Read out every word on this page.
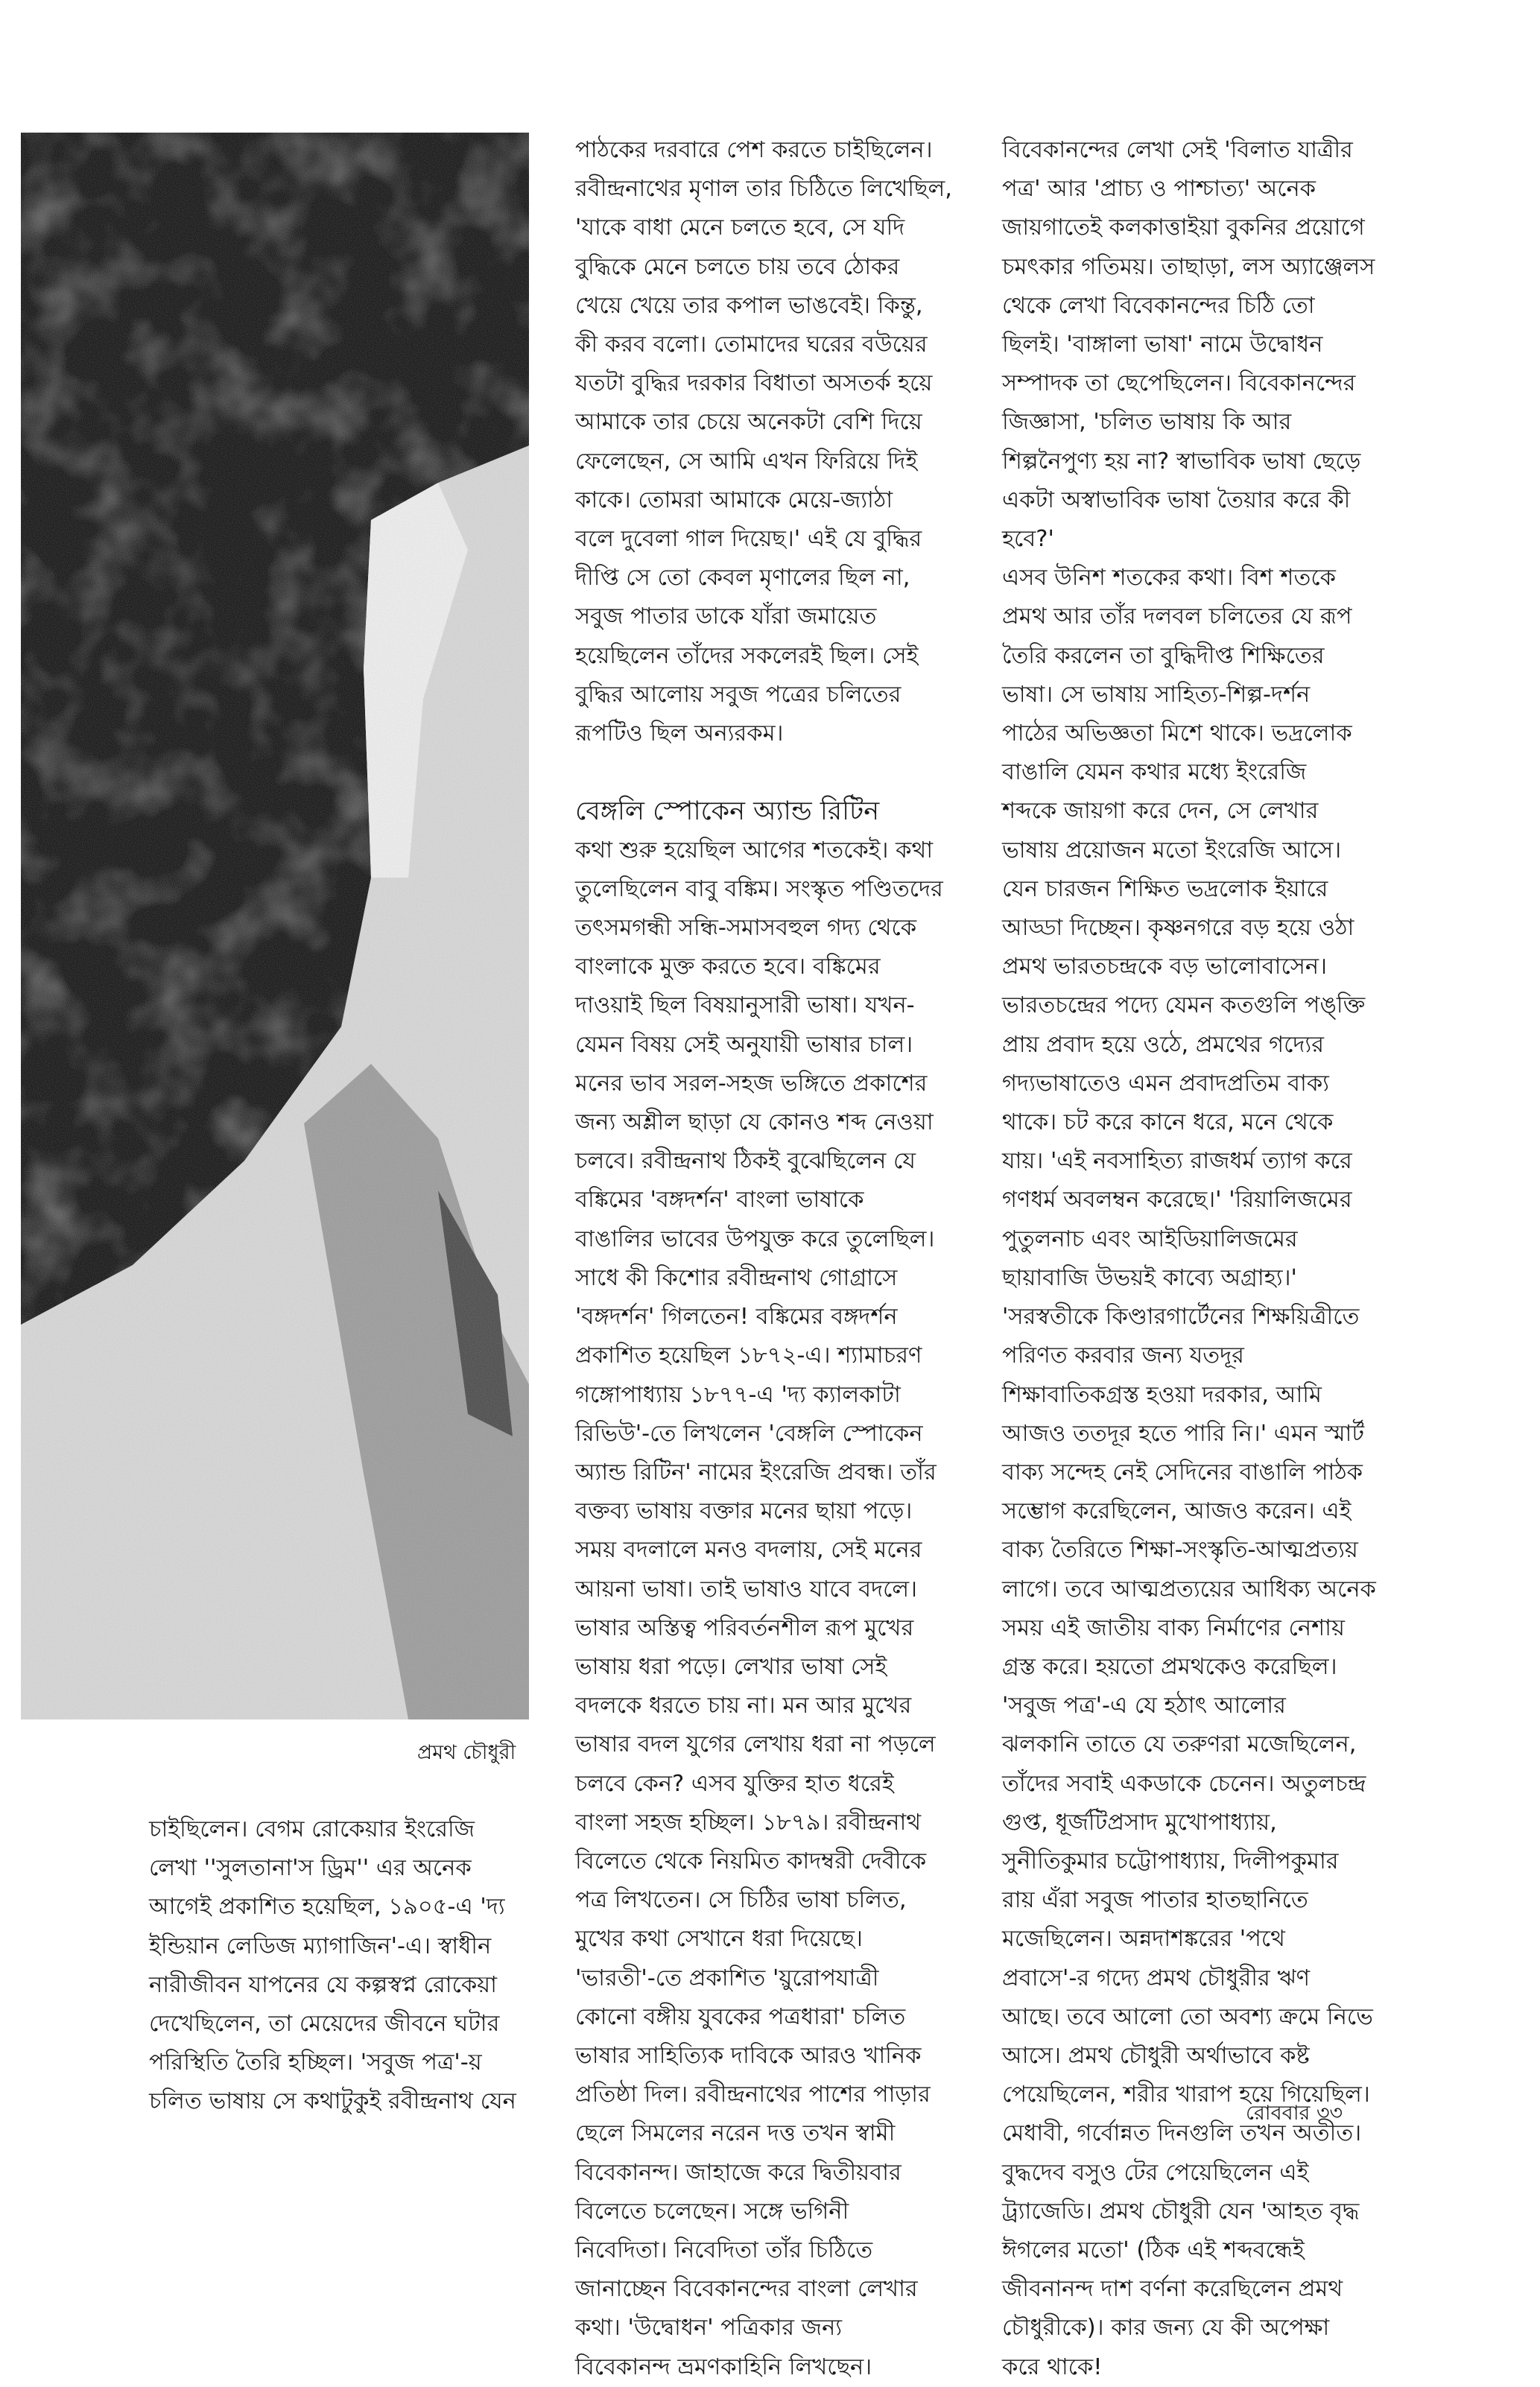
প্রমথ চৌধুরী

চাইছিলেন। বেগম রোকেয়ার ইংরেজি

লেখা ''সুলতানা'স ড্রিম'' এর অনেক

আগেই প্রকাশিত হয়েছিল, ১৯০৫-এ 'দ্য

ইন্ডিয়ান লেডিজ ম্যাগাজিন'-এ। স্বাধীন

নারীজীবন যাপনের যে কল্পস্বপ্ন রোকেয়া

দেখেছিলেন, তা মেয়েদের জীবনে ঘটার

পরিস্থিতি তৈরি হচ্ছিল। 'সবুজ পত্র'-য়

চলিত ভাষায় সে কথাটুকুই রবীন্দ্রনাথ যেন

পাঠকের দরবারে পেশ করতে চাইছিলেন।

রবীন্দ্রনাথের মৃণাল তার চিঠিতে লিখেছিল,

'যাকে বাধা মেনে চলতে হবে, সে যদি

বুদ্ধিকে মেনে চলতে চায় তবে ঠোকর

খেয়ে খেয়ে তার কপাল ভাঙবেই। কিন্তু,

কী করব বলো। তোমাদের ঘরের বউয়ের

যতটা বুদ্ধির দরকার বিধাতা অসতর্ক হয়ে

আমাকে তার চেয়ে অনেকটা বেশি দিয়ে

ফেলেছেন, সে আমি এখন ফিরিয়ে দিই

কাকে। তোমরা আমাকে মেয়ে-জ্যাঠা

বলে দুবেলা গাল দিয়েছ।' এই যে বুদ্ধির

দীপ্তি সে তো কেবল মৃণালের ছিল না,

সবুজ পাতার ডাকে যাঁরা জমায়েত

হয়েছিলেন তাঁদের সকলেরই ছিল। সেই

বুদ্ধির আলোয় সবুজ পত্রের চলিতের

রূপটিও ছিল অন্যরকম।

বেঙ্গলি স্পোকেন অ্যান্ড রিটিন

কথা শুরু হয়েছিল আগের শতকেই। কথা

তুলেছিলেন বাবু বঙ্কিম। সংস্কৃত পণ্ডিতদের

তৎসমগন্ধী সন্ধি-সমাসবহুল গদ্য থেকে

বাংলাকে মুক্ত করতে হবে। বঙ্কিমের

দাওয়াই ছিল বিষয়ানুসারী ভাষা। যখন-

যেমন বিষয় সেই অনুযায়ী ভাষার চাল।

মনের ভাব সরল-সহজ ভঙ্গিতে প্রকাশের

জন্য অশ্লীল ছাড়া যে কোনও শব্দ নেওয়া

চলবে। রবীন্দ্রনাথ ঠিকই বুঝেছিলেন যে

বঙ্কিমের 'বঙ্গদর্শন' বাংলা ভাষাকে

বাঙালির ভাবের উপযুক্ত করে তুলেছিল।

সাধে কী কিশোর রবীন্দ্রনাথ গোগ্রাসে

'বঙ্গদর্শন' গিলতেন! বঙ্কিমের বঙ্গদর্শন

প্রকাশিত হয়েছিল ১৮৭২-এ। শ্যামাচরণ

গঙ্গোপাধ্যায় ১৮৭৭-এ 'দ্য ক্যালকাটা

রিভিউ'-তে লিখলেন 'বেঙ্গলি স্পোকেন

অ্যান্ড রিটিন' নামের ইংরেজি প্রবন্ধ। তাঁর

বক্তব্য ভাষায় বক্তার মনের ছায়া পড়ে।

সময় বদলালে মনও বদলায়, সেই মনের

আয়না ভাষা। তাই ভাষাও যাবে বদলে।

ভাষার অস্তিত্ব পরিবর্তনশীল রূপ মুখের

ভাষায় ধরা পড়ে। লেখার ভাষা সেই

বদলকে ধরতে চায় না। মন আর মুখের

ভাষার বদল যুগের লেখায় ধরা না পড়লে

চলবে কেন? এসব যুক্তির হাত ধরেই

বাংলা সহজ হচ্ছিল। ১৮৭৯। রবীন্দ্রনাথ

বিলেতে থেকে নিয়মিত কাদম্বরী দেবীকে

পত্র লিখতেন। সে চিঠির ভাষা চলিত,

মুখের কথা সেখানে ধরা দিয়েছে।

'ভারতী'-তে প্রকাশিত 'য়ুরোপযাত্রী

কোনো বঙ্গীয় যুবকের পত্রধারা' চলিত

ভাষার সাহিত্যিক দাবিকে আরও খানিক

প্রতিষ্ঠা দিল। রবীন্দ্রনাথের পাশের পাড়ার

ছেলে সিমলের নরেন দত্ত তখন স্বামী

বিবেকানন্দ। জাহাজে করে দ্বিতীয়বার

বিলেতে চলেছেন। সঙ্গে ভগিনী

নিবেদিতা। নিবেদিতা তাঁর চিঠিতে

জানাচ্ছেন বিবেকানন্দের বাংলা লেখার

কথা। 'উদ্বোধন' পত্রিকার জন্য

বিবেকানন্দ ভ্রমণকাহিনি লিখছেন।

বিবেকানন্দের লেখা সেই 'বিলাত যাত্রীর

পত্র' আর 'প্রাচ্য ও পাশ্চাত্য' অনেক

জায়গাতেই কলকাত্তাইয়া বুকনির প্রয়োগে

চমৎকার গতিময়। তাছাড়া, লস অ্যাঞ্জেলস

থেকে লেখা বিবেকানন্দের চিঠি তো

ছিলই। 'বাঙ্গালা ভাষা' নামে উদ্বোধন

সম্পাদক তা ছেপেছিলেন। বিবেকানন্দের

জিজ্ঞাসা, 'চলিত ভাষায় কি আর

শিল্পনৈপুণ্য হয় না? স্বাভাবিক ভাষা ছেড়ে

একটা অস্বাভাবিক ভাষা তৈয়ার করে কী

হবে?'

এসব উনিশ শতকের কথা। বিশ শতকে

প্রমথ আর তাঁর দলবল চলিতের যে রূপ

তৈরি করলেন তা বুদ্ধিদীপ্ত শিক্ষিতের

ভাষা। সে ভাষায় সাহিত্য-শিল্প-দর্শন

পাঠের অভিজ্ঞতা মিশে থাকে। ভদ্রলোক

বাঙালি যেমন কথার মধ্যে ইংরেজি

শব্দকে জায়গা করে দেন, সে লেখার

ভাষায় প্রয়োজন মতো ইংরেজি আসে।

যেন চারজন শিক্ষিত ভদ্রলোক ইয়ারে

আড্ডা দিচ্ছেন। কৃষ্ণনগরে বড় হয়ে ওঠা

প্রমথ ভারতচন্দ্রকে বড় ভালোবাসেন।

ভারতচন্দ্রের পদ্যে যেমন কতগুলি পঙ্‌ক্তি

প্রায় প্রবাদ হয়ে ওঠে, প্রমথের গদ্যের

গদ্যভাষাতেও এমন প্রবাদপ্রতিম বাক্য

থাকে। চট করে কানে ধরে, মনে থেকে

যায়। 'এই নবসাহিত্য রাজধর্ম ত্যাগ করে

গণধর্ম অবলম্বন করেছে।' 'রিয়ালিজমের

পুতুলনাচ এবং আইডিয়ালিজমের

ছায়াবাজি উভয়ই কাব্যে অগ্রাহ্য।'

'সরস্বতীকে কিণ্ডারগার্টেনের শিক্ষয়িত্রীতে

পরিণত করবার জন্য যতদূর

শিক্ষাবাতিকগ্রস্ত হওয়া দরকার, আমি

আজও ততদূর হতে পারি নি।' এমন স্মার্ট

বাক্য সন্দেহ নেই সেদিনের বাঙালি পাঠক

সম্ভোগ করেছিলেন, আজও করেন। এই

বাক্য তৈরিতে শিক্ষা-সংস্কৃতি-আত্মপ্রত্যয়

লাগে। তবে আত্মপ্রত্যয়ের আধিক্য অনেক

সময় এই জাতীয় বাক্য নির্মাণের নেশায়

গ্রস্ত করে। হয়তো প্রমথকেও করেছিল।

'সবুজ পত্র'-এ যে হঠাৎ আলোর

ঝলকানি তাতে যে তরুণরা মজেছিলেন,

তাঁদের সবাই একডাকে চেনেন। অতুলচন্দ্র

গুপ্ত, ধূর্জটিপ্রসাদ মুখোপাধ্যায়,

সুনীতিকুমার চট্টোপাধ্যায়, দিলীপকুমার

রায় এঁরা সবুজ পাতার হাতছানিতে

মজেছিলেন। অন্নদাশঙ্করের 'পথে

প্রবাসে'-র গদ্যে প্রমথ চৌধুরীর ঋণ

আছে। তবে আলো তো অবশ্য ক্রমে নিভে

আসে। প্রমথ চৌধুরী অর্থাভাবে কষ্ট

পেয়েছিলেন, শরীর খারাপ হয়ে গিয়েছিল।

মেধাবী, গর্বোন্নত দিনগুলি তখন অতীত।

বুদ্ধদেব বসুও টের পেয়েছিলেন এই

ট্র্যাজেডি। প্রমথ চৌধুরী যেন 'আহত বৃদ্ধ

ঈগলের মতো' (ঠিক এই শব্দবন্ধেই

জীবনানন্দ দাশ বর্ণনা করেছিলেন প্রমথ

চৌধুরীকে)। কার জন্য যে কী অপেক্ষা

করে থাকে!

রোববার ৩৩
